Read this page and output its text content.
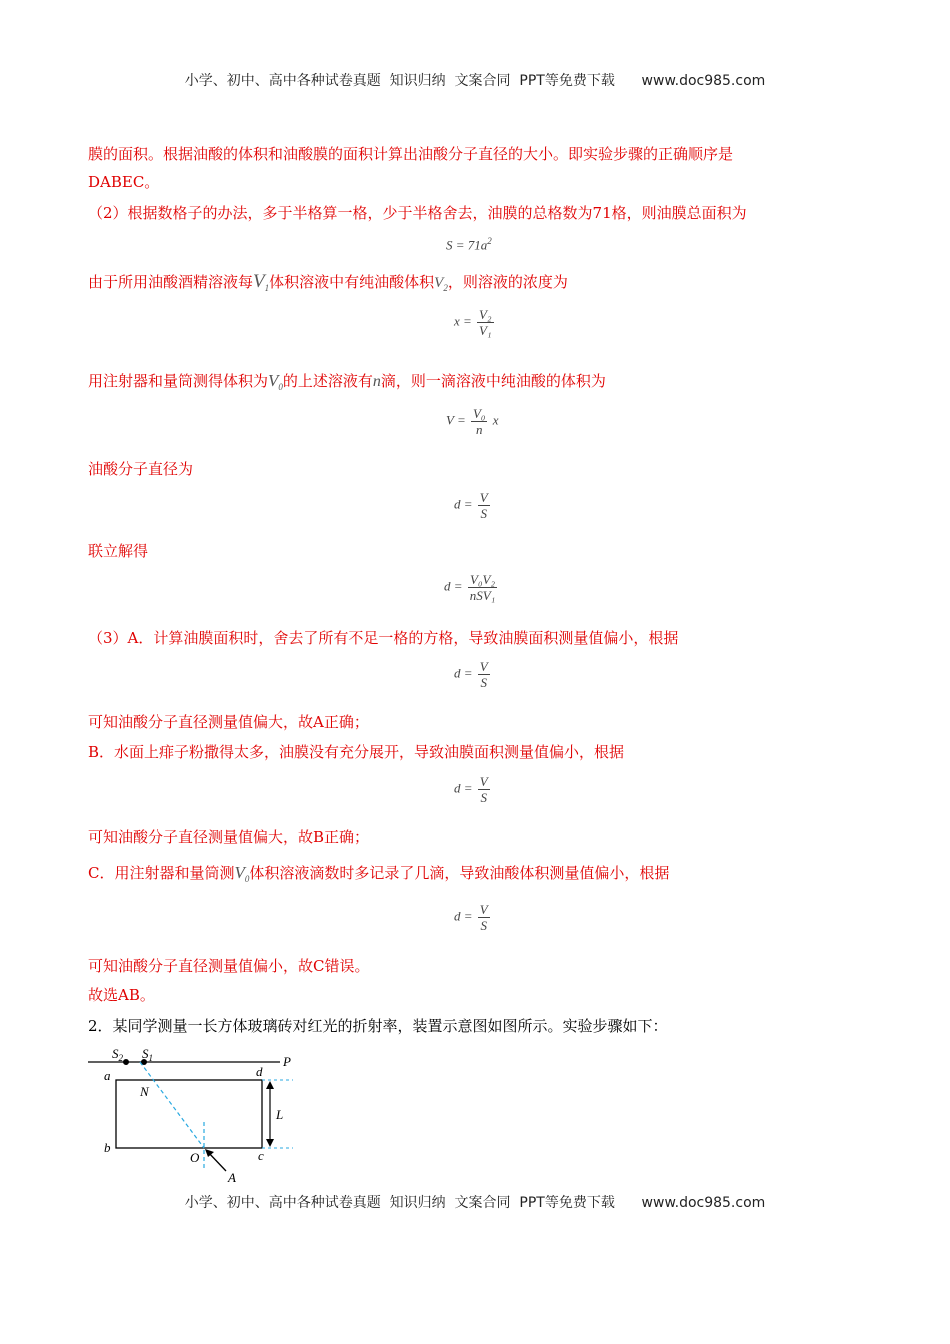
小学、初中、高中各种试卷真题  知识归纳  文案合同  PPT等免费下载 www.doc985.com
小学、初中、高中各种试卷真题  知识归纳  文案合同  PPT等免费下载 www.doc985.com
膜的面积。根据油酸的体积和油酸膜的面积计算出油酸分子直径的大小。即实验步骤的正确顺序是
DABEC。
（2）根据数格子的办法，多于半格算一格，少于半格舍去，油膜的总格数为71格，则油膜总面积为
$S = 71a^2$
由于所用油酸酒精溶液每$V_1$体积溶液中有纯油酸体积$V_2$，则溶液的浓度为
$x = \frac{\text{V₂}}{\text{V₁}}$
用注射器和量筒测得体积为$V_0$的上述溶液有n滴，则一滴溶液中纯油酸的体积为
$V = \frac{\text{V₀}}{n}$ x
油酸分子直径为
$d = \frac{V}{S}$
联立解得
$d = \frac{\text{V₀V₂}}{\text{nSV₁}}$
（3）A．计算油膜面积时，舍去了所有不足一格的方格，导致油膜面积测量值偏小，根据
$d = \frac{V}{S}$
可知油酸分子直径测量值偏大，故A正确；
B．水面上痱子粉撒得太多，油膜没有充分展开，导致油膜面积测量值偏小，根据
$d = \frac{V}{S}$
可知油酸分子直径测量值偏大，故B正确；
C．用注射器和量筒测$V_0$体积溶液滴数时多记录了几滴，导致油酸体积测量值偏小，根据
$d = \frac{V}{S}$
可知油酸分子直径测量值偏小，故C错误。
故选AB。
2．某同学测量一长方体玻璃砖对红光的折射率，装置示意图如图所示。实验步骤如下：
$S_2$ $S_1$	P
a
b
c
d
N
O
A
L
